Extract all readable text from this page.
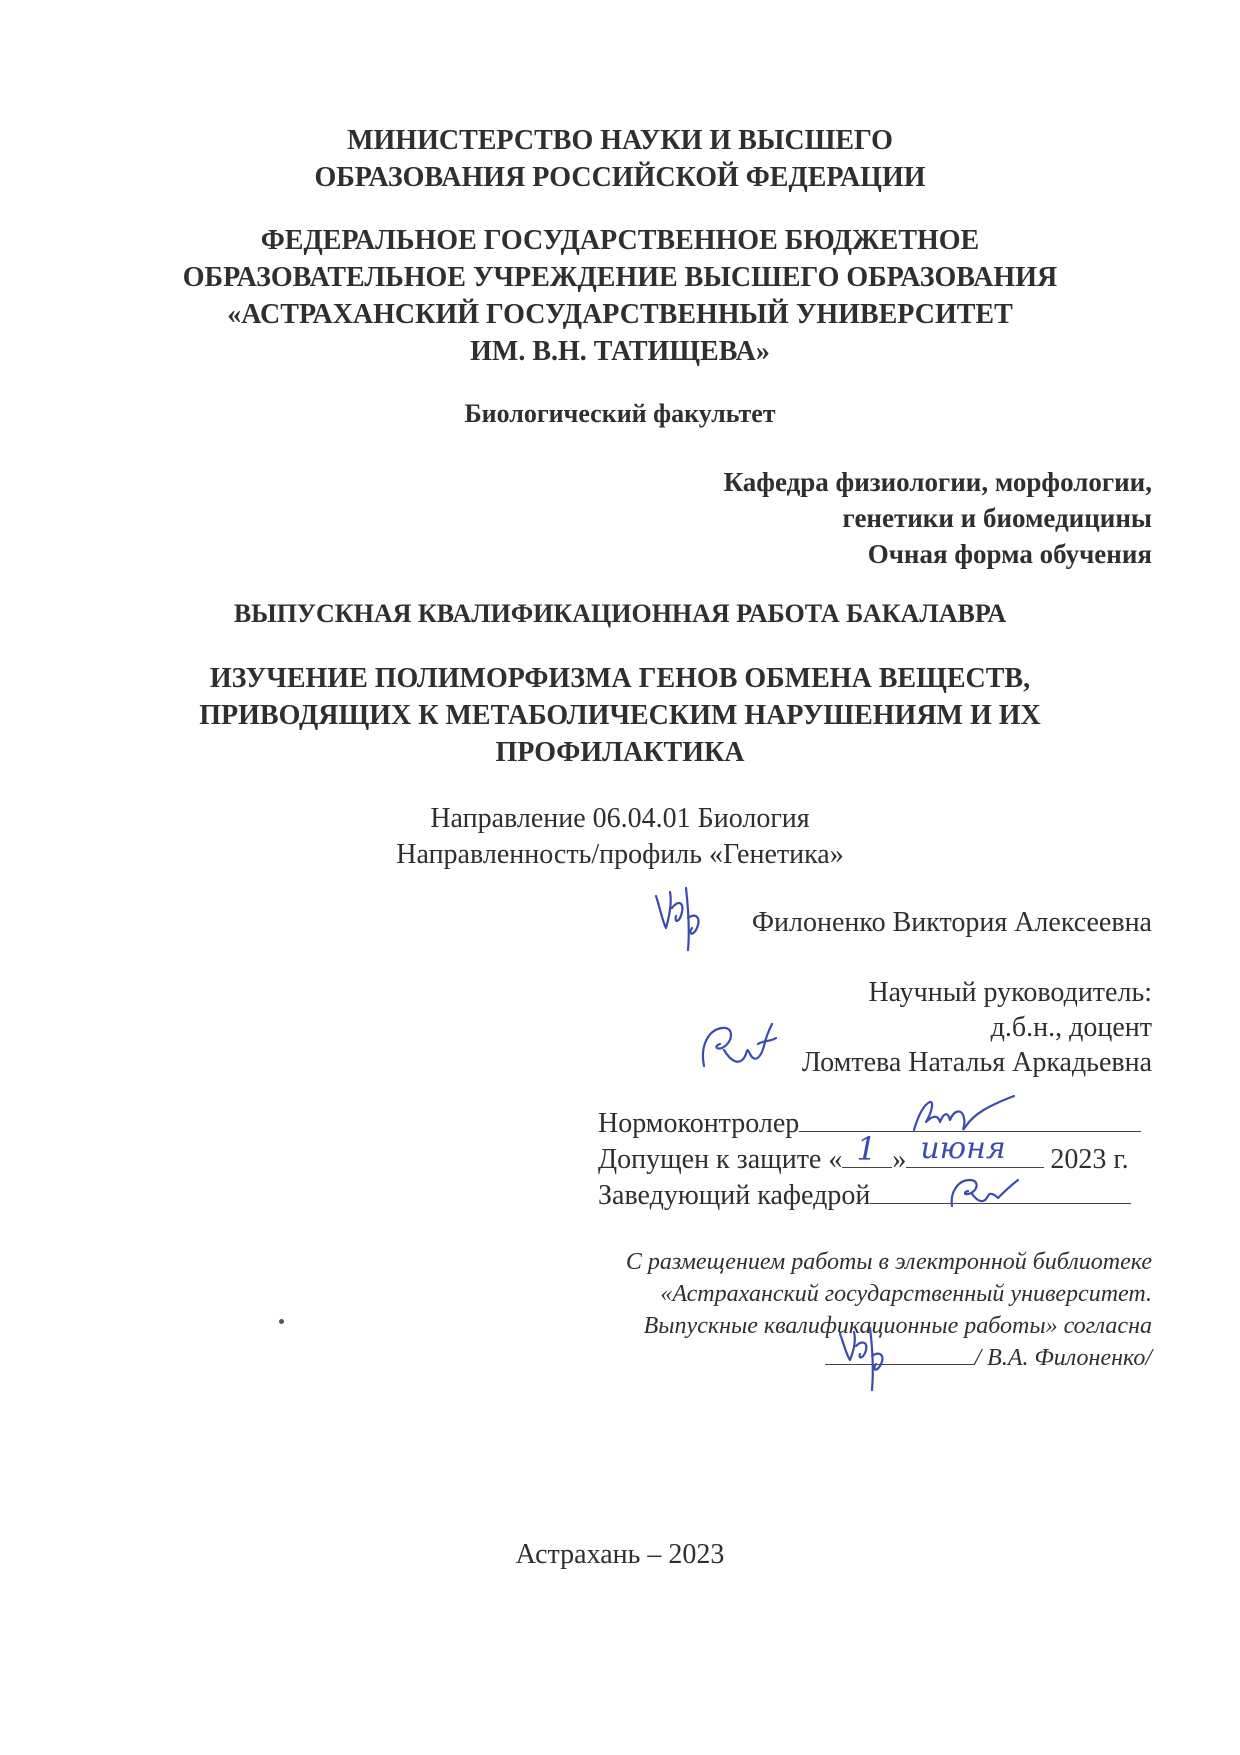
МИНИСТЕРСТВО НАУКИ И ВЫСШЕГО
ОБРАЗОВАНИЯ РОССИЙСКОЙ ФЕДЕРАЦИИ
ФЕДЕРАЛЬНОЕ ГОСУДАРСТВЕННОЕ БЮДЖЕТНОЕ
ОБРАЗОВАТЕЛЬНОЕ УЧРЕЖДЕНИЕ ВЫСШЕГО ОБРАЗОВАНИЯ
«АСТРАХАНСКИЙ ГОСУДАРСТВЕННЫЙ УНИВЕРСИТЕТ
ИМ. В.Н. ТАТИЩЕВА»
Биологический факультет
Кафедра физиологии, морфологии,
генетики и биомедицины
Очная форма обучения
ВЫПУСКНАЯ КВАЛИФИКАЦИОННАЯ РАБОТА БАКАЛАВРА
ИЗУЧЕНИЕ ПОЛИМОРФИЗМА ГЕНОВ ОБМЕНА ВЕЩЕСТВ,
ПРИВОДЯЩИХ К МЕТАБОЛИЧЕСКИМ НАРУШЕНИЯМ И ИХ
ПРОФИЛАКТИКА
Направление 06.04.01 Биология
Направленность/профиль «Генетика»
Филоненко Виктория Алексеевна
Научный руководитель:
д.б.н., доцент
Ломтева Наталья Аркадьевна
Нормоконтролер
Допущен к защите « 1 » июня 2023 г.
Заведующий кафедрой
С размещением работы в электронной библиотеке
«Астраханский государственный университет.
Выпускные квалификационные работы» согласна
/ В.А. Филоненко/
Астрахань – 2023
